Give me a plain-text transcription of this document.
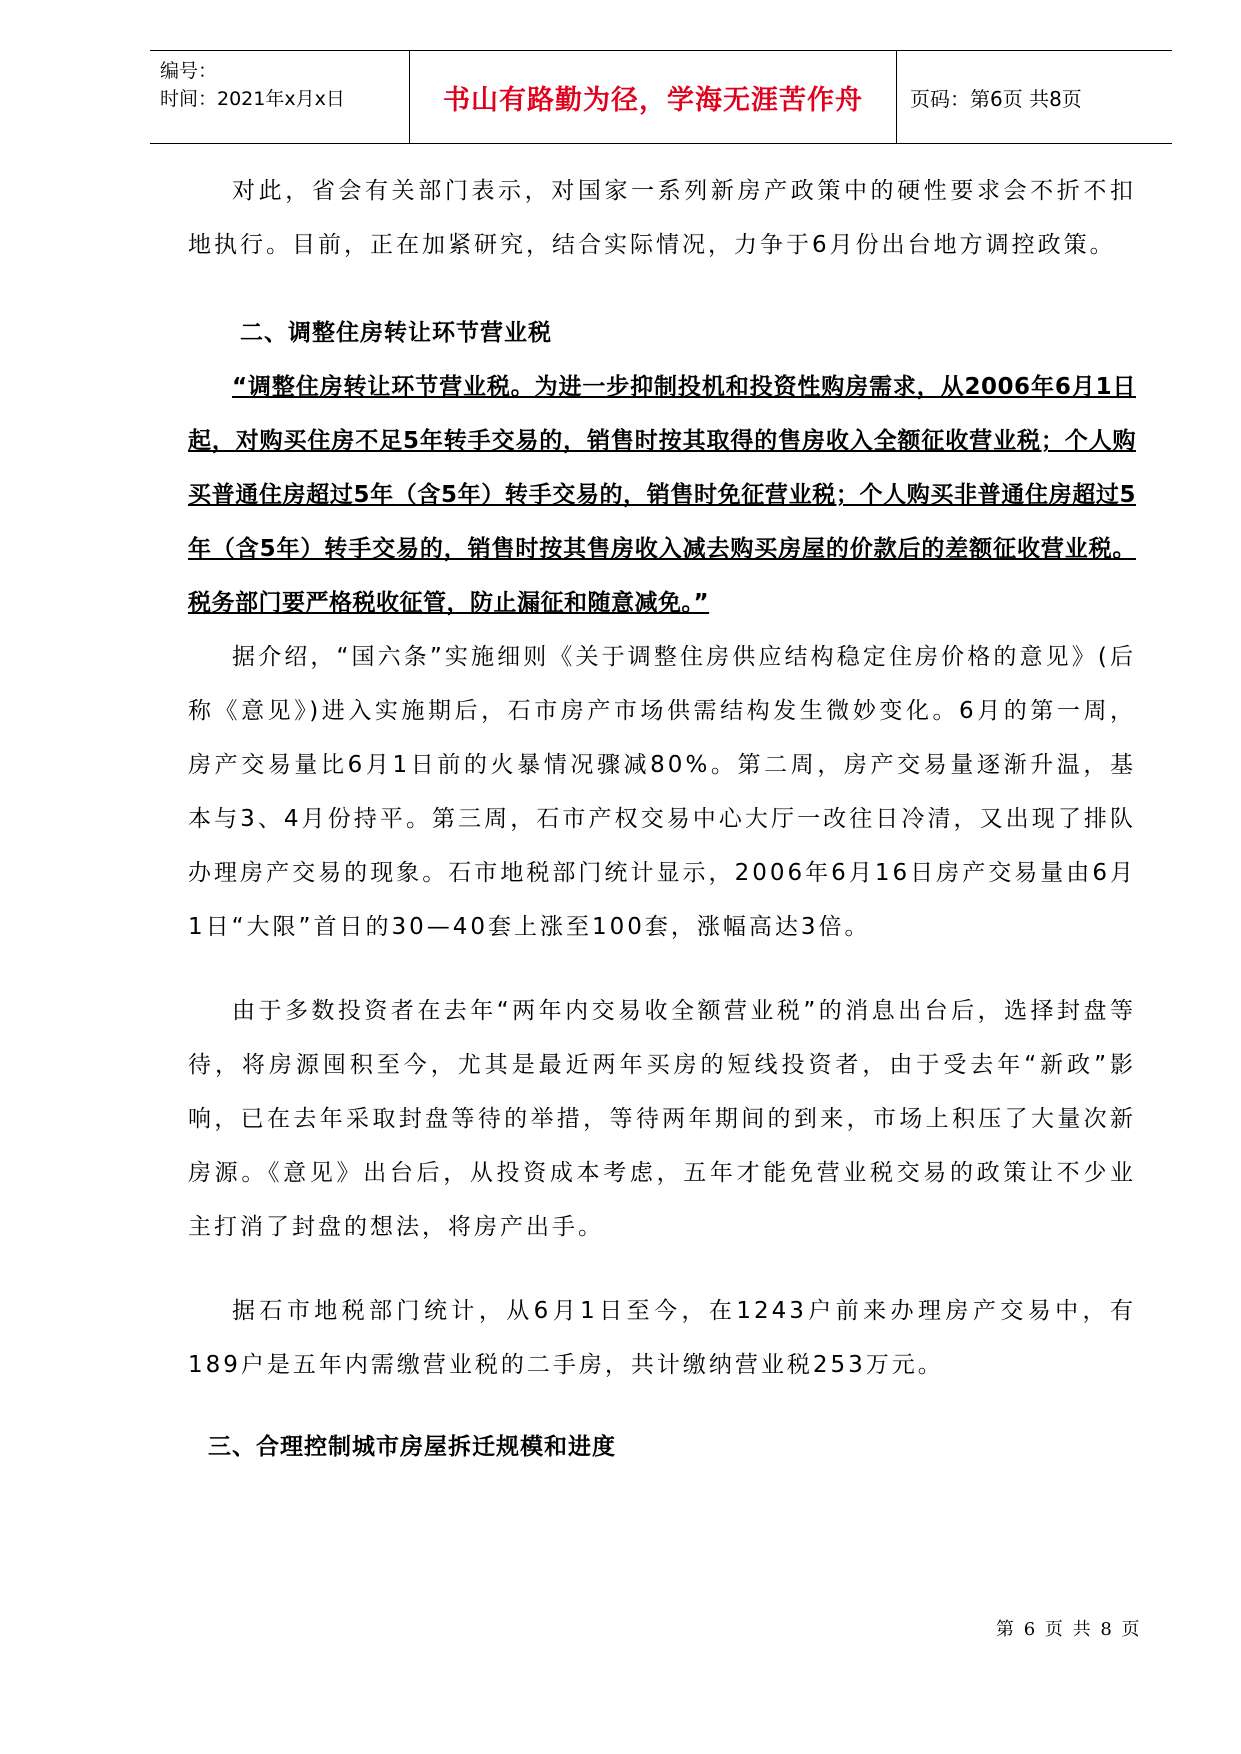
编号：
时间：2021年x月x日	书山有路勤为径，学海无涯苦作舟	页码：第6页 共8页

对此，省会有关部门表示，对国家一系列新房产政策中的硬性要求会不折不扣地执行。目前，正在加紧研究，结合实际情况，力争于6月份出台地方调控政策。

二、调整住房转让环节营业税

“调整住房转让环节营业税。为进一步抑制投机和投资性购房需求，从2006年6月1日起，对购买住房不足5年转手交易的，销售时按其取得的售房收入全额征收营业税；个人购买普通住房超过5年（含5年）转手交易的，销售时免征营业税；个人购买非普通住房超过5年（含5年）转手交易的，销售时按其售房收入减去购买房屋的价款后的差额征收营业税。税务部门要严格税收征管，防止漏征和随意减免。”

据介绍，“国六条”实施细则《关于调整住房供应结构稳定住房价格的意见》(后称《意见》)进入实施期后，石市房产市场供需结构发生微妙变化。6月的第一周，房产交易量比6月1日前的火暴情况骤减80%。第二周，房产交易量逐渐升温，基本与3、4月份持平。第三周，石市产权交易中心大厅一改往日冷清，又出现了排队办理房产交易的现象。石市地税部门统计显示，2006年6月16日房产交易量由6月1日“大限”首日的30—40套上涨至100套，涨幅高达3倍。

由于多数投资者在去年“两年内交易收全额营业税”的消息出台后，选择封盘等待，将房源囤积至今，尤其是最近两年买房的短线投资者，由于受去年“新政”影响，已在去年采取封盘等待的举措，等待两年期间的到来，市场上积压了大量次新房源。《意见》出台后，从投资成本考虑，五年才能免营业税交易的政策让不少业主打消了封盘的想法，将房产出手。

据石市地税部门统计，从6月1日至今，在1243户前来办理房产交易中，有189户是五年内需缴营业税的二手房，共计缴纳营业税253万元。

三、合理控制城市房屋拆迁规模和进度

第 6 页 共 8 页
